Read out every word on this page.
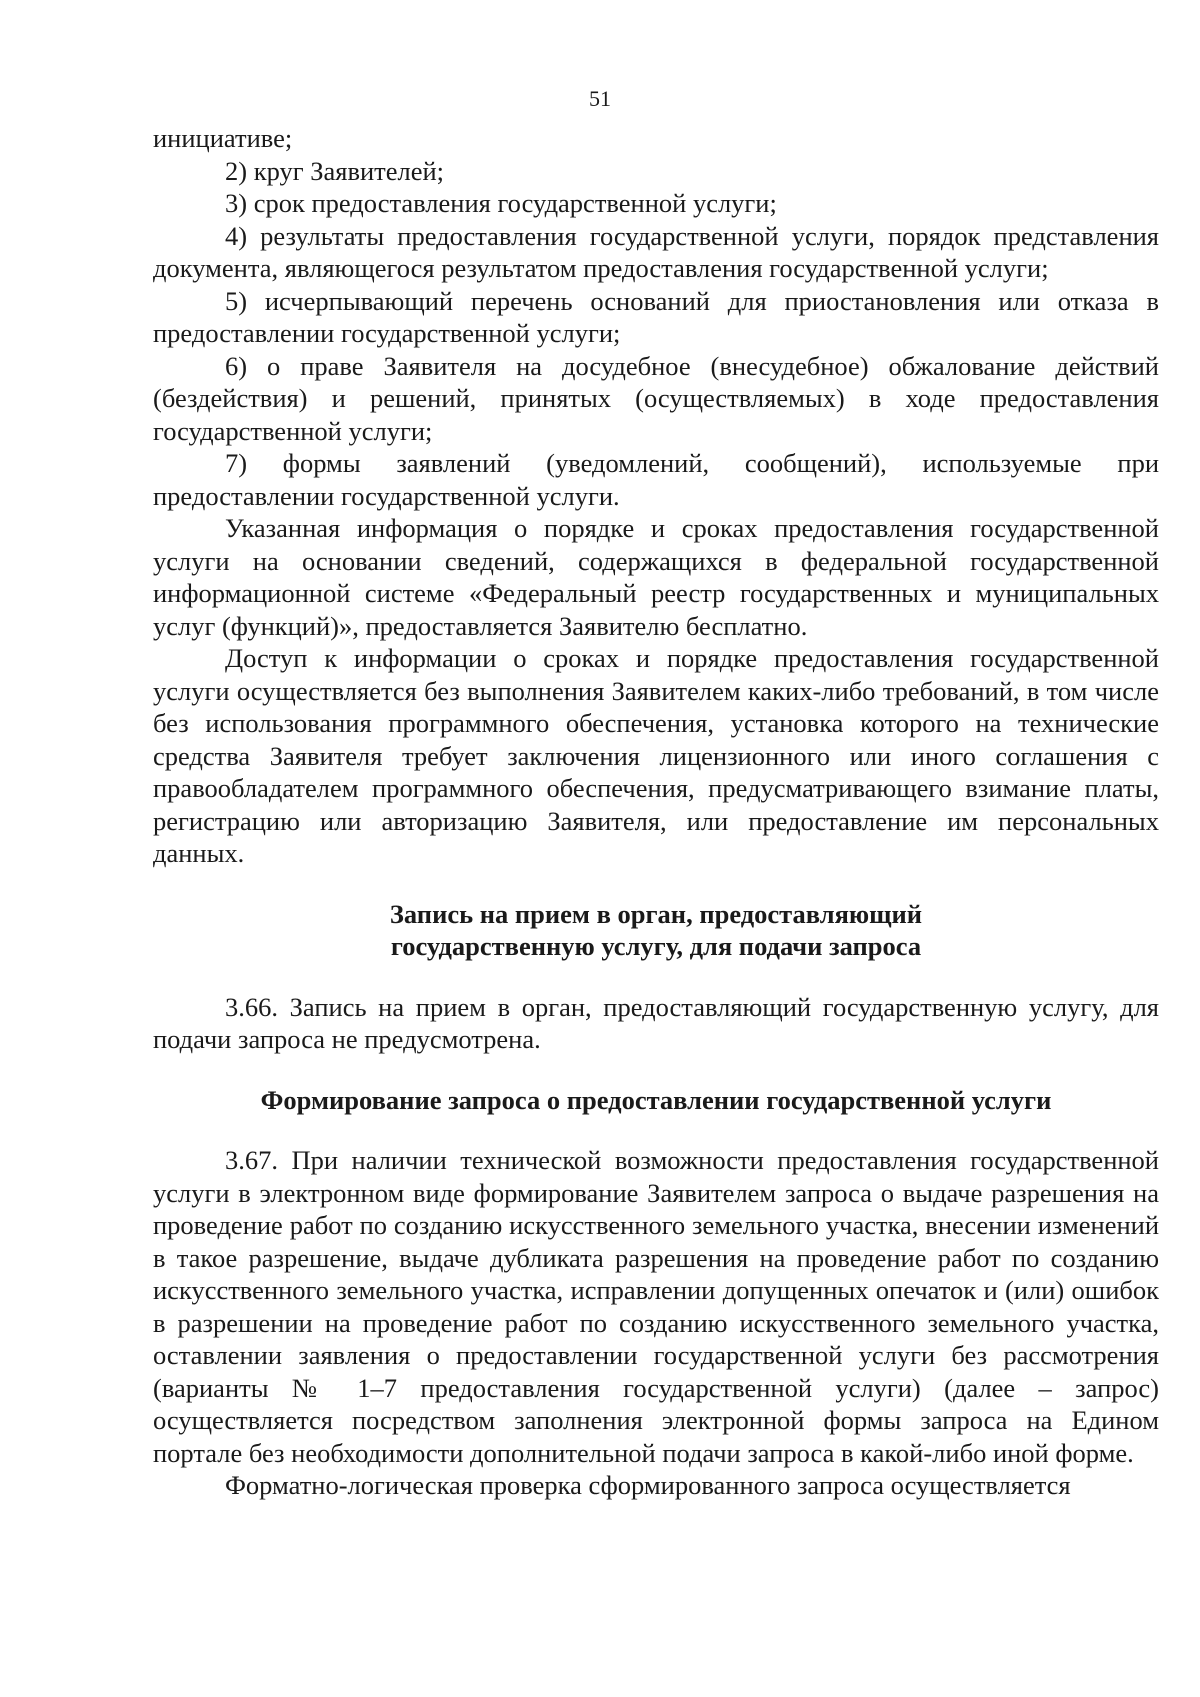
51

инициативе;

2) круг Заявителей;

3) срок предоставления государственной услуги;

4) результаты предоставления государственной услуги, порядок представления документа, являющегося результатом предоставления государственной услуги;

5) исчерпывающий перечень оснований для приостановления или отказа в предоставлении государственной услуги;

6) о праве Заявителя на досудебное (внесудебное) обжалование действий (бездействия) и решений, принятых (осуществляемых) в ходе предоставления государственной услуги;

7) формы заявлений (уведомлений, сообщений), используемые при предоставлении государственной услуги.

Указанная информация о порядке и сроках предоставления государственной услуги на основании сведений, содержащихся в федеральной государственной информационной системе «Федеральный реестр государственных и муниципальных услуг (функций)», предоставляется Заявителю бесплатно.

Доступ к информации о сроках и порядке предоставления государственной услуги осуществляется без выполнения Заявителем каких-либо требований, в том числе без использования программного обеспечения, установка которого на технические средства Заявителя требует заключения лицензионного или иного соглашения с правообладателем программного обеспечения, предусматривающего взимание платы, регистрацию или авторизацию Заявителя, или предоставление им персональных данных.

Запись на прием в орган, предоставляющий
государственную услугу, для подачи запроса

3.66. Запись на прием в орган, предоставляющий государственную услугу, для подачи запроса не предусмотрена.

Формирование запроса о предоставлении государственной услуги

3.67. При наличии технической возможности предоставления государственной услуги в электронном виде формирование Заявителем запроса о выдаче разрешения на проведение работ по созданию искусственного земельного участка, внесении изменений в такое разрешение, выдаче дубликата разрешения на проведение работ по созданию искусственного земельного участка, исправлении допущенных опечаток и (или) ошибок в разрешении на проведение работ по созданию искусственного земельного участка, оставлении заявления о предоставлении государственной услуги без рассмотрения (варианты № 1–7 предоставления государственной услуги) (далее – запрос) осуществляется посредством заполнения электронной формы запроса на Едином портале без необходимости дополнительной подачи запроса в какой-либо иной форме.

Форматно-логическая проверка сформированного запроса осуществляется
